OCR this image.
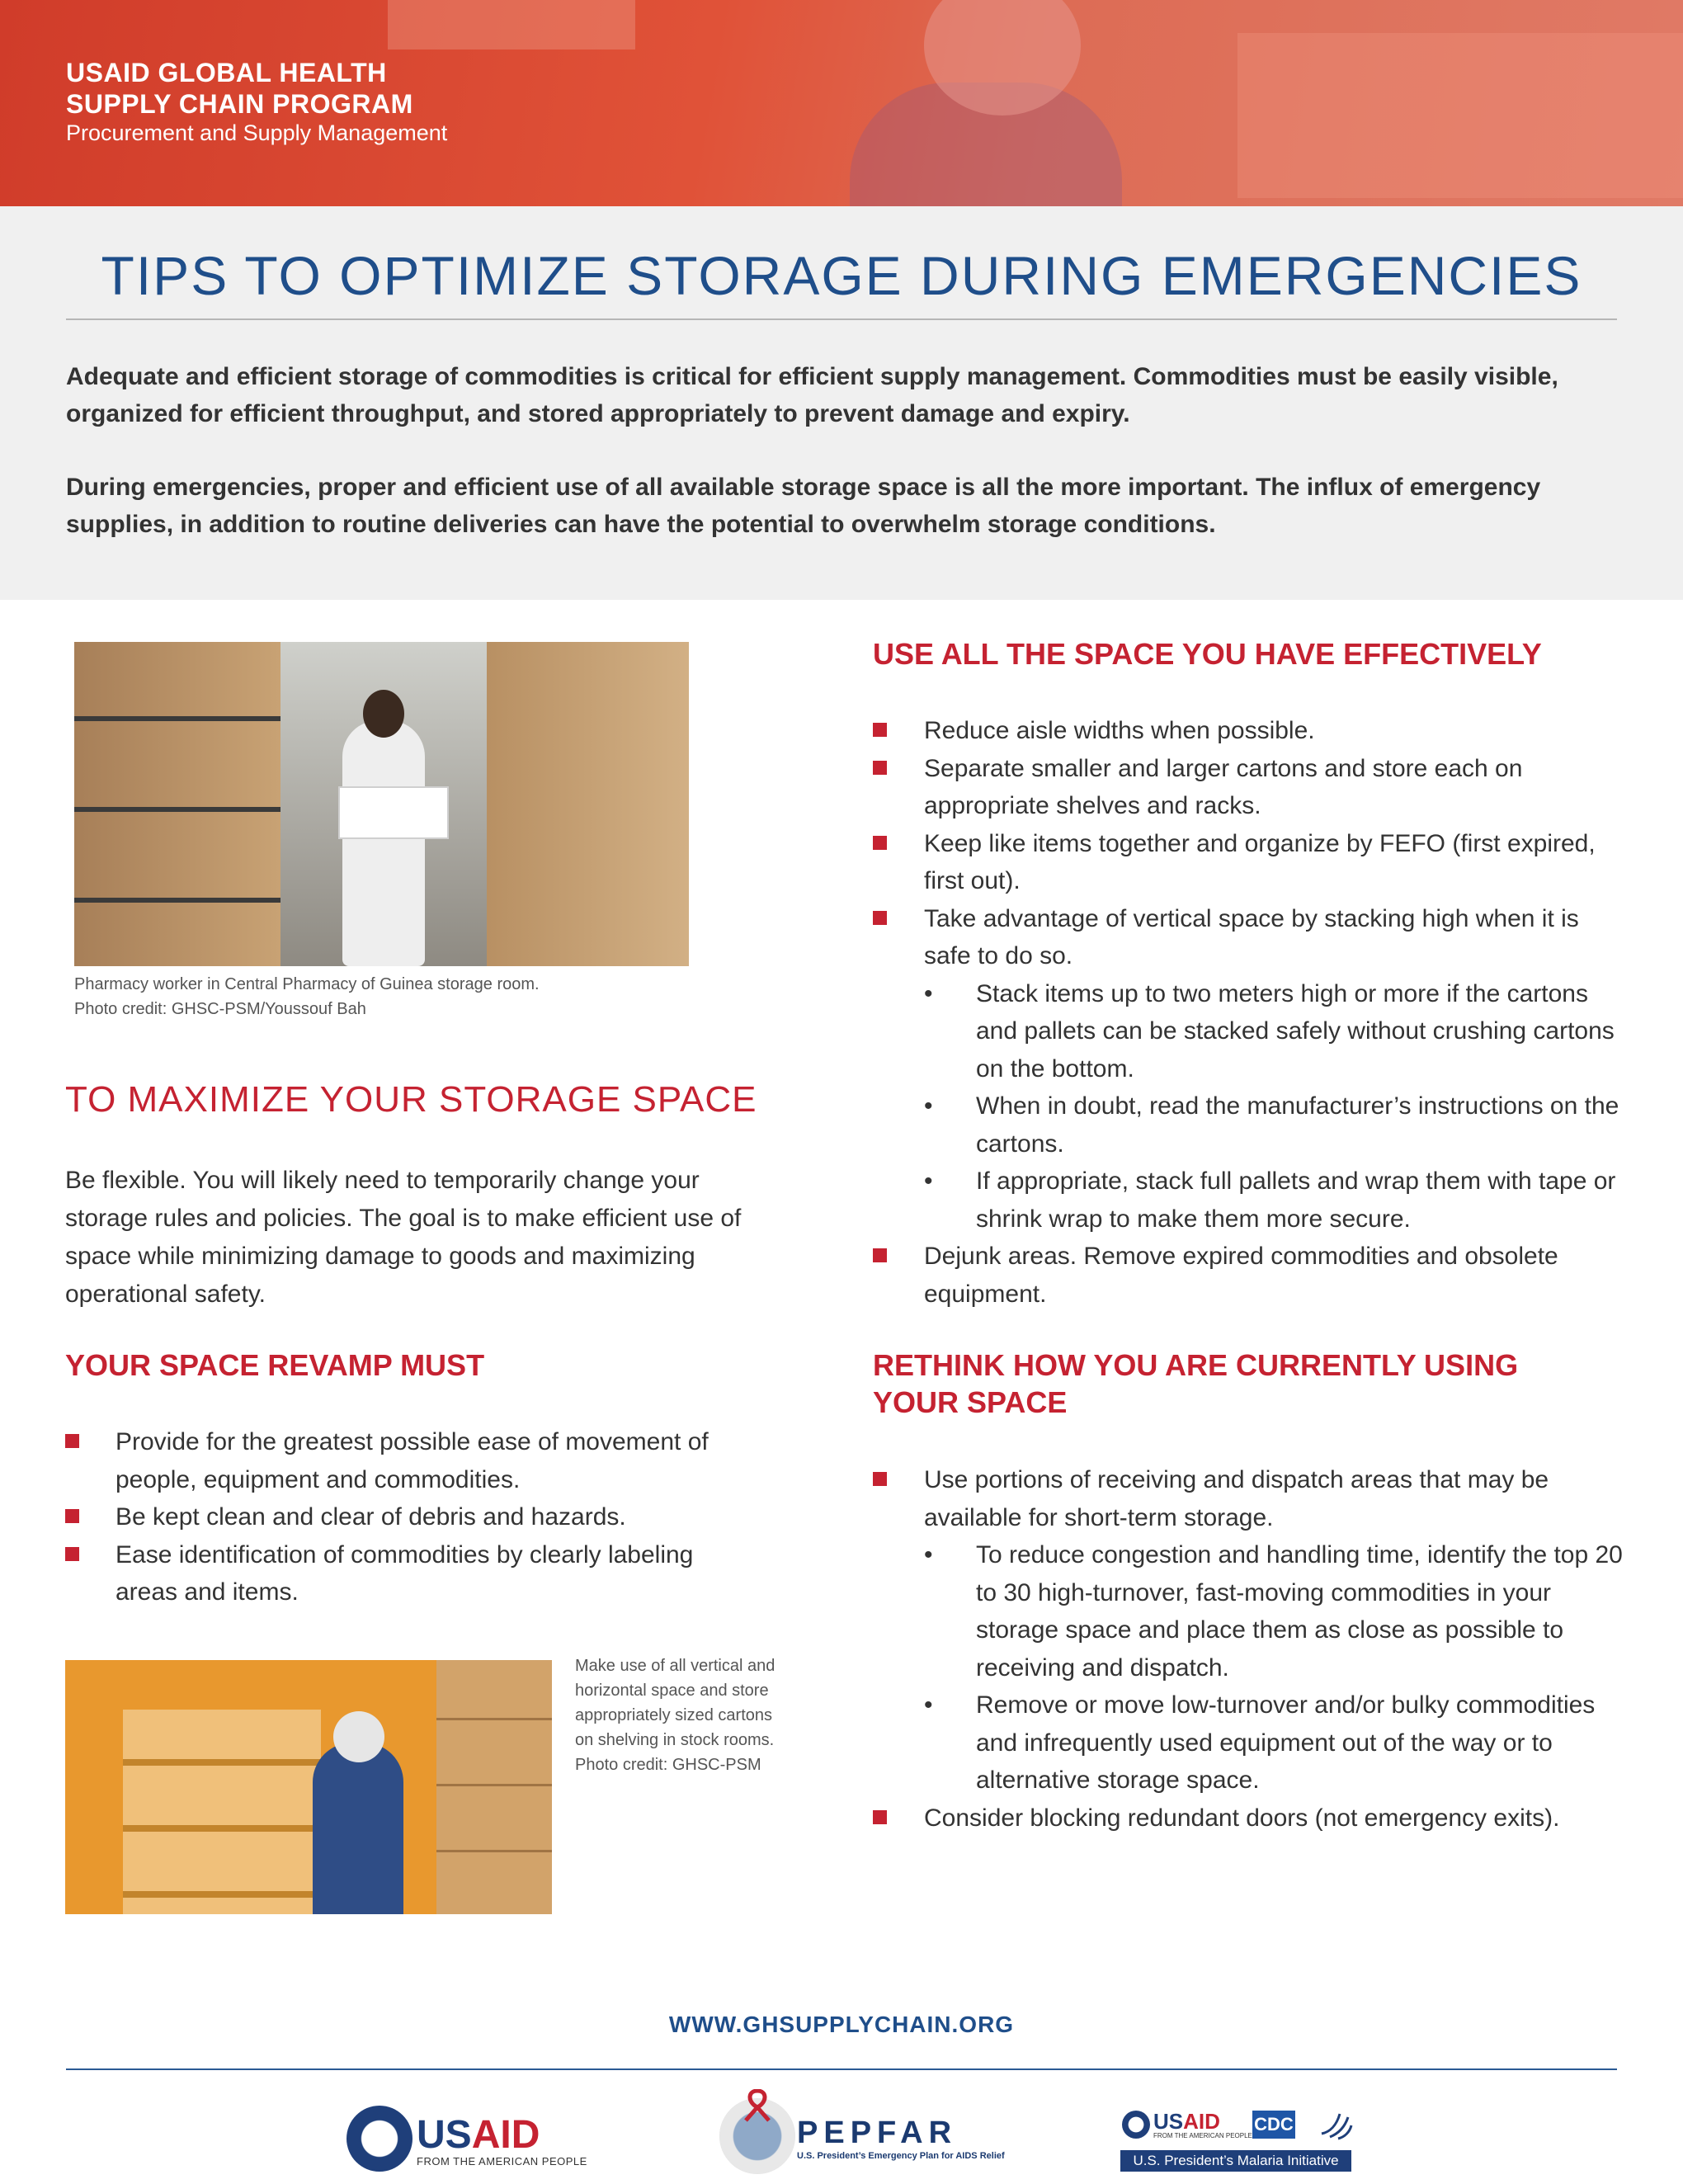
USAID GLOBAL HEALTH
SUPPLY CHAIN PROGRAM
Procurement and Supply Management
TIPS TO OPTIMIZE STORAGE DURING EMERGENCIES
Adequate and efficient storage of commodities is critical for efficient supply management. Commodities must be easily visible, organized for efficient throughput, and stored appropriately to prevent damage and expiry.
During emergencies, proper and efficient use of all available storage space is all the more important. The influx of emergency supplies, in addition to routine deliveries can have the potential to overwhelm storage conditions.
Pharmacy worker in Central Pharmacy of Guinea storage room.
Photo credit: GHSC-PSM/Youssouf Bah
TO MAXIMIZE YOUR STORAGE SPACE
Be flexible. You will likely need to temporarily change your storage rules and policies. The goal is to make efficient use of space while minimizing damage to goods and maximizing operational safety.
YOUR SPACE REVAMP MUST
Provide for the greatest possible ease of movement of people, equipment and commodities.
Be kept clean and clear of debris and hazards.
Ease identification of commodities by clearly labeling areas and items.
Make use of all vertical and horizontal space and store appropriately sized cartons on shelving in stock rooms. Photo credit: GHSC-PSM
USE ALL THE SPACE YOU HAVE EFFECTIVELY
Reduce aisle widths when possible.
Separate smaller and larger cartons and store each on appropriate shelves and racks.
Keep like items together and organize by FEFO (first expired, first out).
Take advantage of vertical space by stacking high when it is safe to do so.
• Stack items up to two meters high or more if the cartons and pallets can be stacked safely without crushing cartons on the bottom.
• When in doubt, read the manufacturer’s instructions on the cartons.
• If appropriate, stack full pallets and wrap them with tape or shrink wrap to make them more secure.
Dejunk areas. Remove expired commodities and obsolete equipment.
RETHINK HOW YOU ARE CURRENTLY USING YOUR SPACE
Use portions of receiving and dispatch areas that may be available for short-term storage.
• To reduce congestion and handling time, identify the top 20 to 30 high-turnover, fast-moving commodities in your storage space and place them as close as possible to receiving and dispatch.
• Remove or move low-turnover and/or bulky commodities and infrequently used equipment out of the way or to alternative storage space.
Consider blocking redundant doors (not emergency exits).
WWW.GHSUPPLYCHAIN.ORG
USAID
FROM THE AMERICAN PEOPLE
PEPFAR
U.S. President’s Emergency Plan for AIDS Relief
USAID
FROM THE AMERICAN PEOPLE
CDC
U.S. President’s Malaria Initiative
